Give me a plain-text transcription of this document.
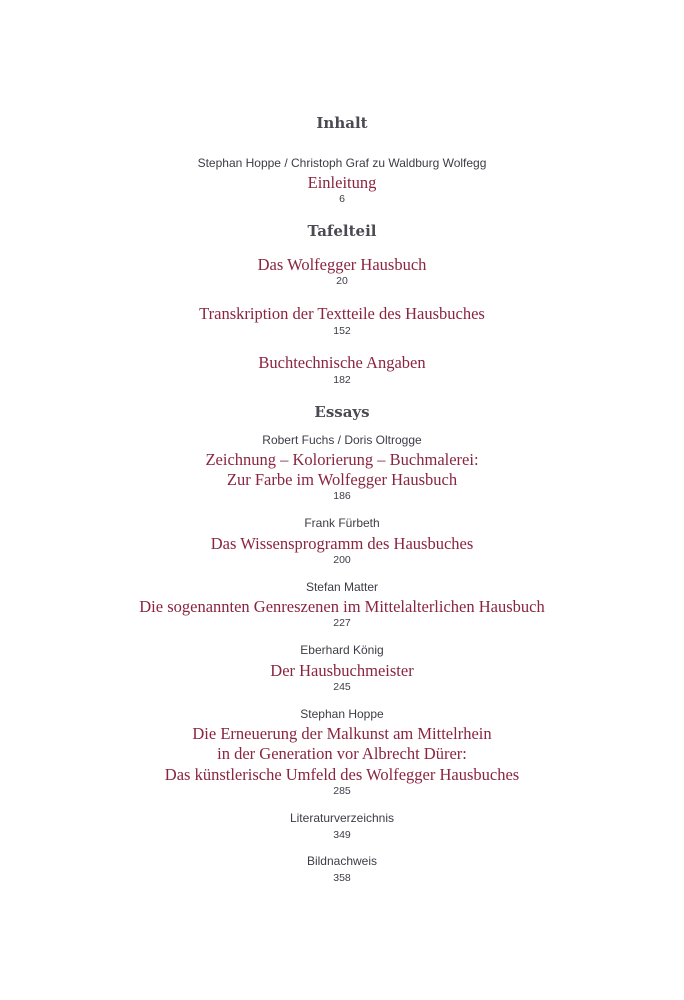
Inhalt
Stephan Hoppe / Christoph Graf zu Waldburg Wolfegg
Einleitung
6
Tafelteil
Das Wolfegger Hausbuch
20
Transkription der Textteile des Hausbuches
152
Buchtechnische Angaben
182
Essays
Robert Fuchs / Doris Oltrogge
Zeichnung – Kolorierung – Buchmalerei:
Zur Farbe im Wolfegger Hausbuch
186
Frank Fürbeth
Das Wissensprogramm des Hausbuches
200
Stefan Matter
Die sogenannten Genreszenen im Mittelalterlichen Hausbuch
227
Eberhard König
Der Hausbuchmeister
245
Stephan Hoppe
Die Erneuerung der Malkunst am Mittelrhein
in der Generation vor Albrecht Dürer:
Das künstlerische Umfeld des Wolfegger Hausbuches
285
Literaturverzeichnis
349
Bildnachweis
358
